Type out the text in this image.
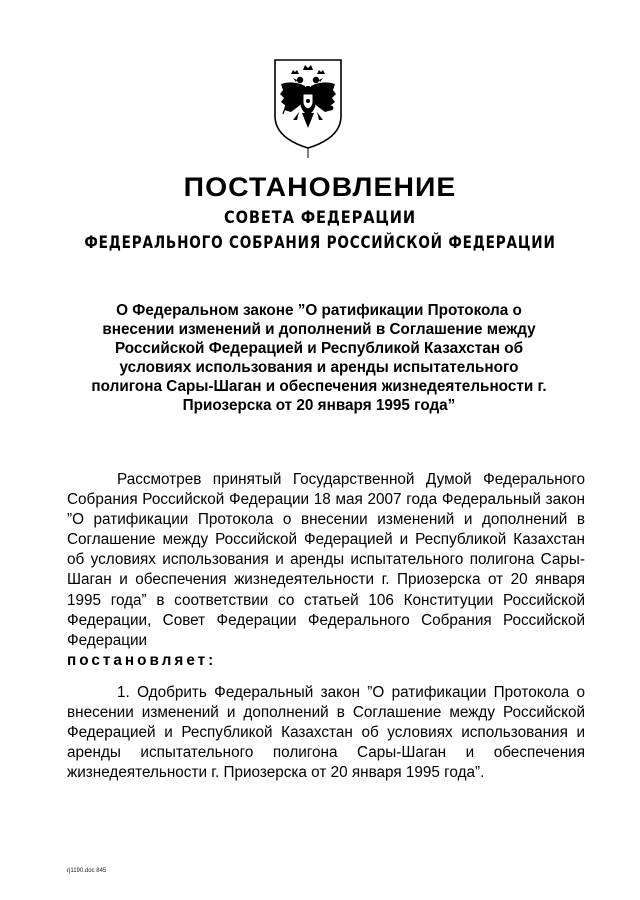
ПОСТАНОВЛЕНИЕ
СОВЕТА ФЕДЕРАЦИИ
ФЕДЕРАЛЬНОГО СОБРАНИЯ РОССИЙСКОЙ ФЕДЕРАЦИИ
О Федеральном законе ”О ратификации Протокола о внесении изменений и дополнений в Соглашение между Российской Федерацией и Республикой Казахстан об условиях использования и аренды испытательного полигона Сары-Шаган и обеспечения жизнедеятельности г. Приозерска от 20 января 1995 года”
Рассмотрев принятый Государственной Думой Федерального Собрания Российской Федерации 18 мая 2007 года Федеральный закон ”О ратификации Протокола о внесении изменений и дополнений в Соглашение между Российской Федерацией и Республикой Казахстан об условиях использования и аренды испытательного полигона Сары-Шаган и обеспечения жизнедеятельности г. Приозерска от 20 января 1995 года” в соответствии со статьей 106 Конституции Российской Федерации, Совет Федерации Федерального Собрания Российской Федерации
постановляет:
1. Одобрить Федеральный закон ”О ратификации Протокола о внесении изменений и дополнений в Соглашение между Российской Федерацией и Республикой Казахстан об условиях использования и аренды испытательного полигона Сары-Шаган и обеспечения жизнедеятельности г. Приозерска от 20 января 1995 года”.
rj1190.doc 845
